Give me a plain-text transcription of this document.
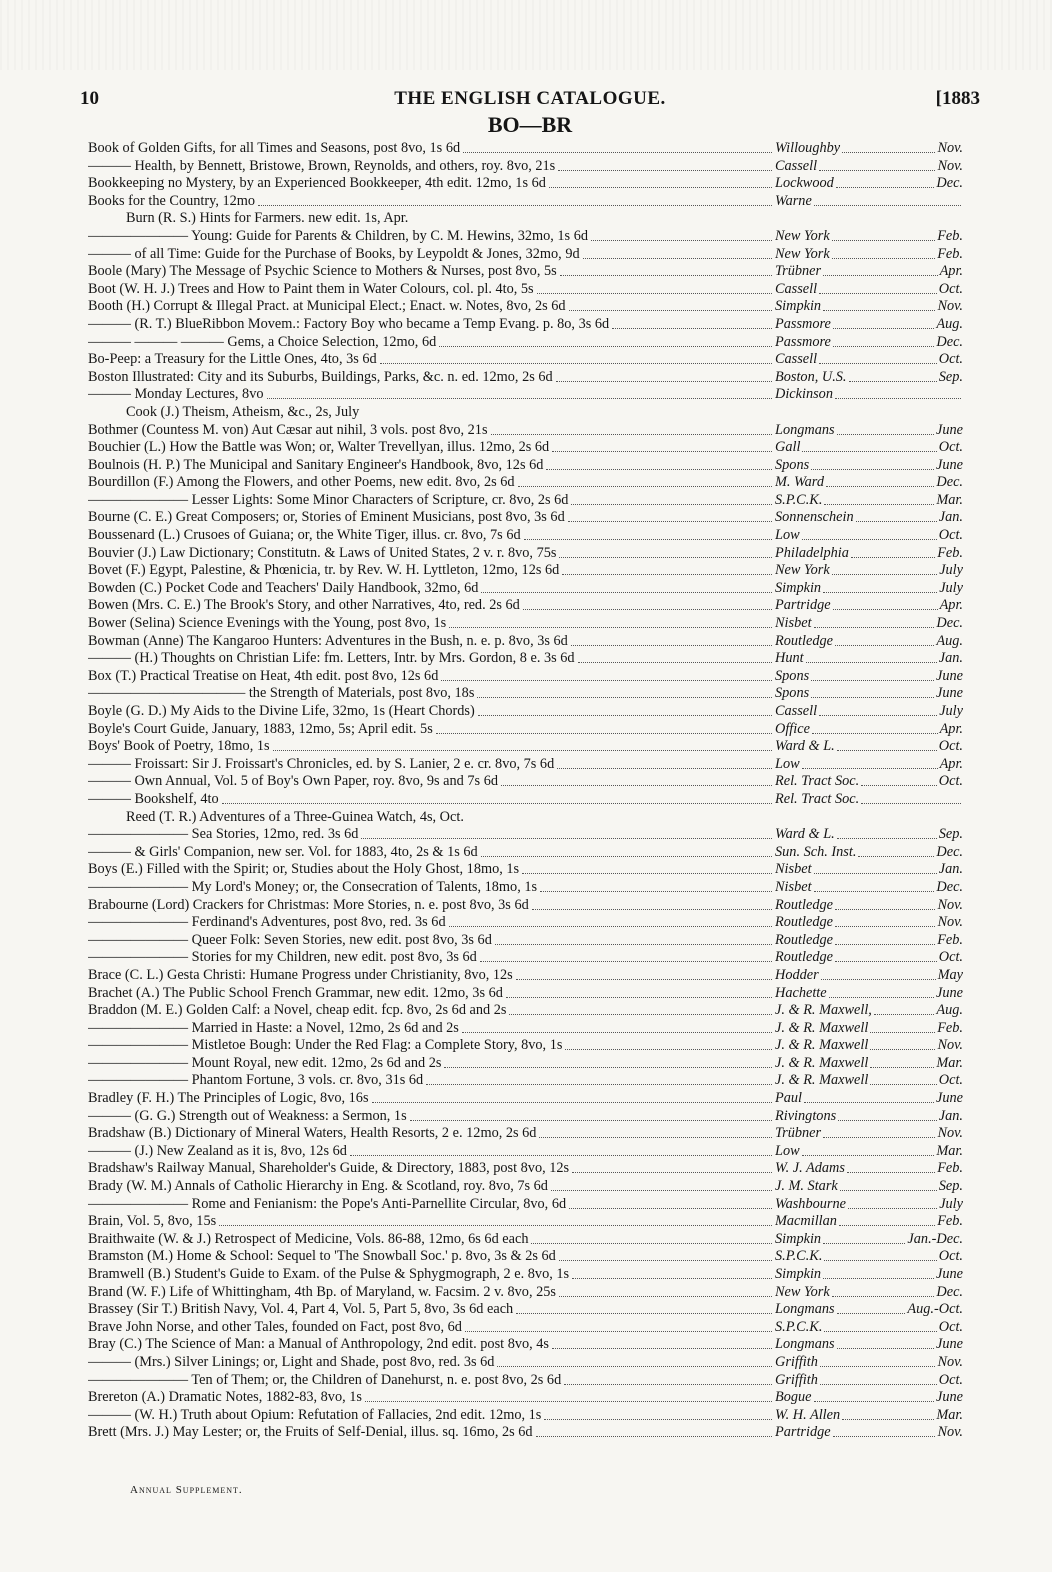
10	THE ENGLISH CATALOGUE.	[1883
BO—BR
Book of Golden Gifts, for all Times and Seasons, post 8vo, 1s 6d	Willoughby	Nov.
——— Health, by Bennett, Bristowe, Brown, Reynolds, and others, roy. 8vo, 21s	Cassell	Nov.
Bookkeeping no Mystery, by an Experienced Bookkeeper, 4th edit. 12mo, 1s 6d	Lockwood	Dec.
Books for the Country, 12mo	Warne
Burn (R. S.) Hints for Farmers. new edit. 1s, Apr.
——————— Young: Guide for Parents & Children, by C. M. Hewins, 32mo, 1s 6d	New York	Feb.
——— of all Time: Guide for the Purchase of Books, by Leypoldt & Jones, 32mo, 9d	New York	Feb.
Boole (Mary) The Message of Psychic Science to Mothers & Nurses, post 8vo, 5s	Trübner	Apr.
Boot (W. H. J.) Trees and How to Paint them in Water Colours, col. pl. 4to, 5s	Cassell	Oct.
Booth (H.) Corrupt & Illegal Pract. at Municipal Elect.; Enact. w. Notes, 8vo, 2s 6d	Simpkin	Nov.
——— (R. T.) BlueRibbon Movem.: Factory Boy who became a Temp Evang. p. 8o, 3s 6d	Passmore	Aug.
——— ——— ——— Gems, a Choice Selection, 12mo, 6d	Passmore	Dec.
Bo-Peep: a Treasury for the Little Ones, 4to, 3s 6d	Cassell	Oct.
Boston Illustrated: City and its Suburbs, Buildings, Parks, &c. n. ed. 12mo, 2s 6d	Boston, U.S.	Sep.
——— Monday Lectures, 8vo	Dickinson
Cook (J.) Theism, Atheism, &c., 2s, July
Bothmer (Countess M. von) Aut Cæsar aut nihil, 3 vols. post 8vo, 21s	Longmans	June
Bouchier (L.) How the Battle was Won; or, Walter Trevellyan, illus. 12mo, 2s 6d	Gall	Oct.
Boulnois (H. P.) The Municipal and Sanitary Engineer's Handbook, 8vo, 12s 6d	Spons	June
Bourdillon (F.) Among the Flowers, and other Poems, new edit. 8vo, 2s 6d	M. Ward	Dec.
——————— Lesser Lights: Some Minor Characters of Scripture, cr. 8vo, 2s 6d	S.P.C.K.	Mar.
Bourne (C. E.) Great Composers; or, Stories of Eminent Musicians, post 8vo, 3s 6d	Sonnenschein	Jan.
Boussenard (L.) Crusoes of Guiana; or, the White Tiger, illus. cr. 8vo, 7s 6d	Low	Oct.
Bouvier (J.) Law Dictionary; Constitutn. & Laws of United States, 2 v. r. 8vo, 75s	Philadelphia	Feb.
Bovet (F.) Egypt, Palestine, & Phœnicia, tr. by Rev. W. H. Lyttleton, 12mo, 12s 6d	New York	July
Bowden (C.) Pocket Code and Teachers' Daily Handbook, 32mo, 6d	Simpkin	July
Bowen (Mrs. C. E.) The Brook's Story, and other Narratives, 4to, red. 2s 6d	Partridge	Apr.
Bower (Selina) Science Evenings with the Young, post 8vo, 1s	Nisbet	Dec.
Bowman (Anne) The Kangaroo Hunters: Adventures in the Bush, n. e. p. 8vo, 3s 6d	Routledge	Aug.
——— (H.) Thoughts on Christian Life: fm. Letters, Intr. by Mrs. Gordon, 8 e. 3s 6d	Hunt	Jan.
Box (T.) Practical Treatise on Heat, 4th edit. post 8vo, 12s 6d	Spons	June
——————————— the Strength of Materials, post 8vo, 18s	Spons	June
Boyle (G. D.) My Aids to the Divine Life, 32mo, 1s (Heart Chords)	Cassell	July
Boyle's Court Guide, January, 1883, 12mo, 5s; April edit. 5s	Office	Apr.
Boys' Book of Poetry, 18mo, 1s	Ward & L.	Oct.
——— Froissart: Sir J. Froissart's Chronicles, ed. by S. Lanier, 2 e. cr. 8vo, 7s 6d	Low	Apr.
——— Own Annual, Vol. 5 of Boy's Own Paper, roy. 8vo, 9s and 7s 6d	Rel. Tract Soc.	Oct.
——— Bookshelf, 4to	Rel. Tract Soc.
Reed (T. R.) Adventures of a Three-Guinea Watch, 4s, Oct.
——————— Sea Stories, 12mo, red. 3s 6d	Ward & L.	Sep.
——— & Girls' Companion, new ser. Vol. for 1883, 4to, 2s & 1s 6d	Sun. Sch. Inst.	Dec.
Boys (E.) Filled with the Spirit; or, Studies about the Holy Ghost, 18mo, 1s	Nisbet	Jan.
——————— My Lord's Money; or, the Consecration of Talents, 18mo, 1s	Nisbet	Dec.
Brabourne (Lord) Crackers for Christmas: More Stories, n. e. post 8vo, 3s 6d	Routledge	Nov.
——————— Ferdinand's Adventures, post 8vo, red. 3s 6d	Routledge	Nov.
——————— Queer Folk: Seven Stories, new edit. post 8vo, 3s 6d	Routledge	Feb.
——————— Stories for my Children, new edit. post 8vo, 3s 6d	Routledge	Oct.
Brace (C. L.) Gesta Christi: Humane Progress under Christianity, 8vo, 12s	Hodder	May
Brachet (A.) The Public School French Grammar, new edit. 12mo, 3s 6d	Hachette	June
Braddon (M. E.) Golden Calf: a Novel, cheap edit. fcp. 8vo, 2s 6d and 2s	J. & R. Maxwell,	Aug.
——————— Married in Haste: a Novel, 12mo, 2s 6d and 2s	J. & R. Maxwell	Feb.
——————— Mistletoe Bough: Under the Red Flag: a Complete Story, 8vo, 1s	J. & R. Maxwell	Nov.
——————— Mount Royal, new edit. 12mo, 2s 6d and 2s	J. & R. Maxwell	Mar.
——————— Phantom Fortune, 3 vols. cr. 8vo, 31s 6d	J. & R. Maxwell	Oct.
Bradley (F. H.) The Principles of Logic, 8vo, 16s	Paul	June
——— (G. G.) Strength out of Weakness: a Sermon, 1s	Rivingtons	Jan.
Bradshaw (B.) Dictionary of Mineral Waters, Health Resorts, 2 e. 12mo, 2s 6d	Trübner	Nov.
——— (J.) New Zealand as it is, 8vo, 12s 6d	Low	Mar.
Bradshaw's Railway Manual, Shareholder's Guide, & Directory, 1883, post 8vo, 12s	W. J. Adams	Feb.
Brady (W. M.) Annals of Catholic Hierarchy in Eng. & Scotland, roy. 8vo, 7s 6d	J. M. Stark	Sep.
——————— Rome and Fenianism: the Pope's Anti-Parnellite Circular, 8vo, 6d	Washbourne	July
Brain, Vol. 5, 8vo, 15s	Macmillan	Feb.
Braithwaite (W. & J.) Retrospect of Medicine, Vols. 86-88, 12mo, 6s 6d each	Simpkin	Jan.-Dec.
Bramston (M.) Home & School: Sequel to 'The Snowball Soc.' p. 8vo, 3s & 2s 6d	S.P.C.K.	Oct.
Bramwell (B.) Student's Guide to Exam. of the Pulse & Sphygmograph, 2 e. 8vo, 1s	Simpkin	June
Brand (W. F.) Life of Whittingham, 4th Bp. of Maryland, w. Facsim. 2 v. 8vo, 25s	New York	Dec.
Brassey (Sir T.) British Navy, Vol. 4, Part 4, Vol. 5, Part 5, 8vo, 3s 6d each	Longmans	Aug.-Oct.
Brave John Norse, and other Tales, founded on Fact, post 8vo, 6d	S.P.C.K.	Oct.
Bray (C.) The Science of Man: a Manual of Anthropology, 2nd edit. post 8vo, 4s	Longmans	June
——— (Mrs.) Silver Linings; or, Light and Shade, post 8vo, red. 3s 6d	Griffith	Nov.
——————— Ten of Them; or, the Children of Danehurst, n. e. post 8vo, 2s 6d	Griffith	Oct.
Brereton (A.) Dramatic Notes, 1882-83, 8vo, 1s	Bogue	June
——— (W. H.) Truth about Opium: Refutation of Fallacies, 2nd edit. 12mo, 1s	W. H. Allen	Mar.
Brett (Mrs. J.) May Lester; or, the Fruits of Self-Denial, illus. sq. 16mo, 2s 6d	Partridge	Nov.
Annual Supplement.
